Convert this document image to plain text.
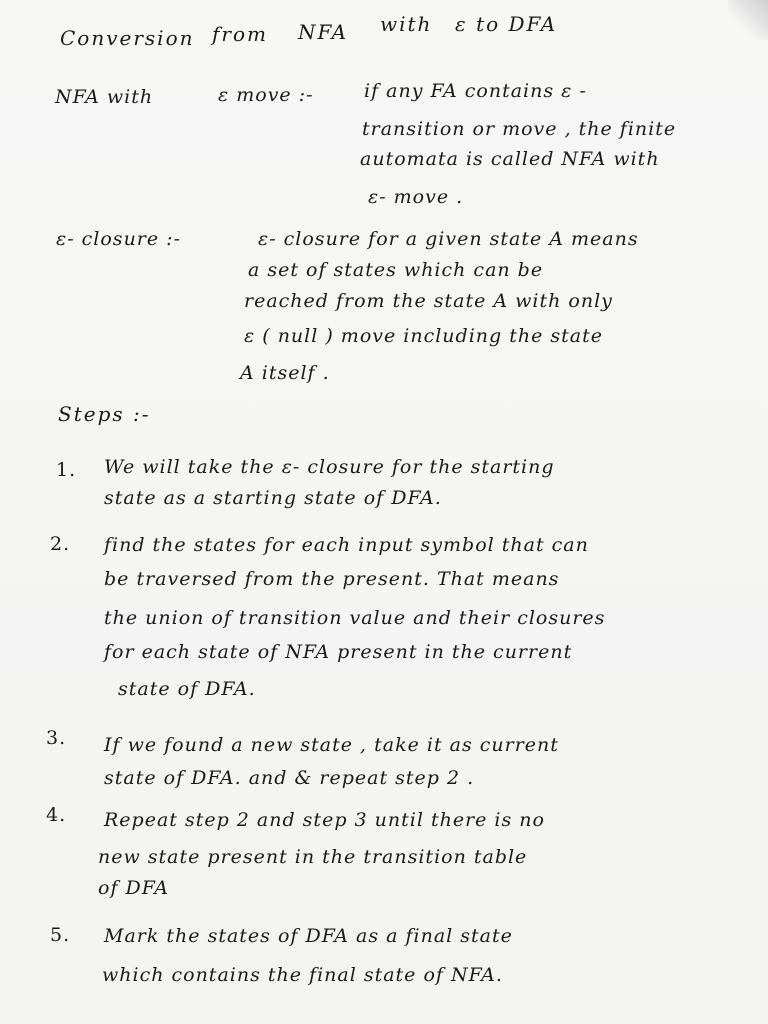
Conversion from NFA with ε to DFA
NFA with	ε move :-	if any FA contains ε -
transition or move , the finite
automata is called NFA with
ε- move .
ε- closure :-	ε- closure for a given state A means
a set of states which can be
reached from the state A with only
ε ( null ) move including the state
A itself .
Steps :-
1. We will take the ε- closure for the starting
state as a starting state of DFA.
2. find the states for each input symbol that can
be traversed from the present. That means
the union of transition value and their closures
for each state of NFA present in the current
state of DFA.
3. If we found a new state , take it as current
state of DFA. and & repeat step 2 .
4. Repeat step 2 and step 3 until there is no
new state present in the transition table
of DFA
5. Mark the states of DFA as a final state
which contains the final state of NFA.
